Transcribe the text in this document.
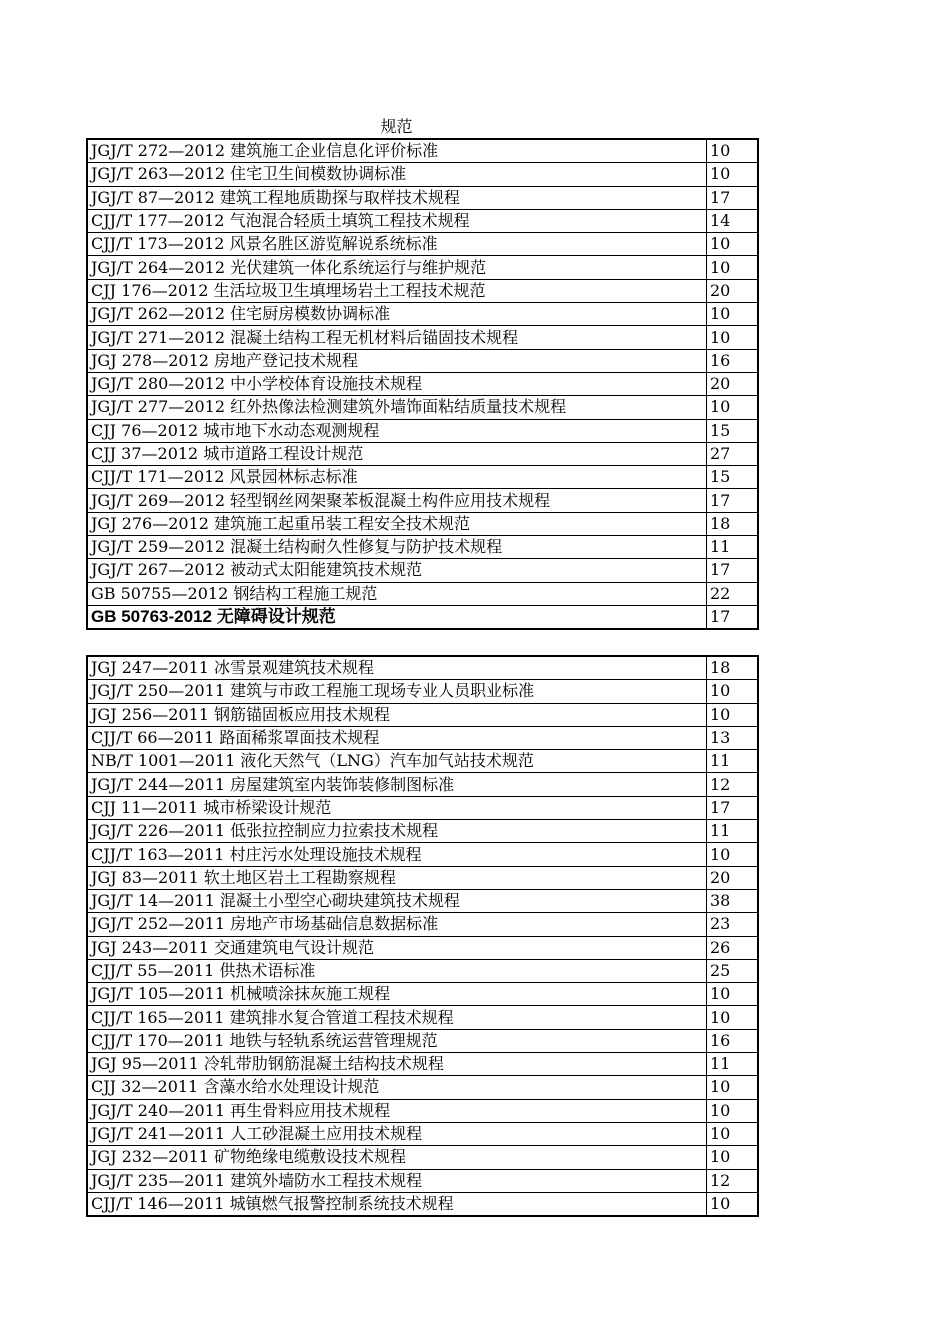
规范
JGJ/T 272—2012 建筑施工企业信息化评价标准	10
JGJ/T 263—2012 住宅卫生间模数协调标准	10
JGJ/T 87—2012 建筑工程地质勘探与取样技术规程	17
CJJ/T 177—2012 气泡混合轻质土填筑工程技术规程	14
CJJ/T 173—2012 风景名胜区游览解说系统标准	10
JGJ/T 264—2012 光伏建筑一体化系统运行与维护规范	10
CJJ 176—2012 生活垃圾卫生填埋场岩土工程技术规范	20
JGJ/T 262—2012 住宅厨房模数协调标准	10
JGJ/T 271—2012 混凝土结构工程无机材料后锚固技术规程	10
JGJ 278—2012 房地产登记技术规程	16
JGJ/T 280—2012 中小学校体育设施技术规程	20
JGJ/T 277—2012 红外热像法检测建筑外墙饰面粘结质量技术规程	10
CJJ 76—2012 城市地下水动态观测规程	15
CJJ 37—2012 城市道路工程设计规范	27
CJJ/T 171—2012 风景园林标志标准	15
JGJ/T 269—2012 轻型钢丝网架聚苯板混凝土构件应用技术规程	17
JGJ 276—2012 建筑施工起重吊装工程安全技术规范	18
JGJ/T 259—2012 混凝土结构耐久性修复与防护技术规程	11
JGJ/T 267—2012 被动式太阳能建筑技术规范	17
GB 50755—2012 钢结构工程施工规范	22
GB 50763-2012 无障碍设计规范	17
JGJ 247—2011 冰雪景观建筑技术规程	18
JGJ/T 250—2011 建筑与市政工程施工现场专业人员职业标准	10
JGJ 256—2011 钢筋锚固板应用技术规程	10
CJJ/T 66—2011 路面稀浆罩面技术规程	13
NB/T 1001—2011 液化天然气（LNG）汽车加气站技术规范	11
JGJ/T 244—2011 房屋建筑室内装饰装修制图标准	12
CJJ 11—2011 城市桥梁设计规范	17
JGJ/T 226—2011 低张拉控制应力拉索技术规程	11
CJJ/T 163—2011 村庄污水处理设施技术规程	10
JGJ 83—2011 软土地区岩土工程勘察规程	20
JGJ/T 14—2011 混凝土小型空心砌块建筑技术规程	38
JGJ/T 252—2011 房地产市场基础信息数据标准	23
JGJ 243—2011 交通建筑电气设计规范	26
CJJ/T 55—2011 供热术语标准	25
JGJ/T 105—2011 机械喷涂抹灰施工规程	10
CJJ/T 165—2011 建筑排水复合管道工程技术规程	10
CJJ/T 170—2011 地铁与轻轨系统运营管理规范	16
JGJ 95—2011 冷轧带肋钢筋混凝土结构技术规程	11
CJJ 32—2011 含藻水给水处理设计规范	10
JGJ/T 240—2011 再生骨料应用技术规程	10
JGJ/T 241—2011 人工砂混凝土应用技术规程	10
JGJ 232—2011 矿物绝缘电缆敷设技术规程	10
JGJ/T 235—2011 建筑外墙防水工程技术规程	12
CJJ/T 146—2011 城镇燃气报警控制系统技术规程	10
